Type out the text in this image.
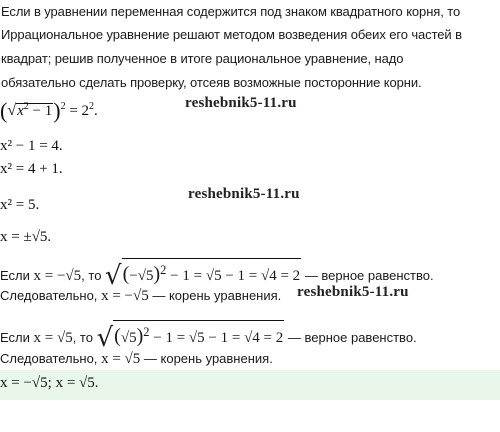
Если в уравнении переменная содержится под знаком квадратного корня, то
Иррациональное уравнение решают методом возведения обеих его частей в
квадрат; решив полученное в итоге рациональное уравнение, надо
обязательно сделать проверку, отсеяв возможные посторонние корни.
reshebnik5-11.ru
reshebnik5-11.ru
reshebnik5-11.ru
$(√x^2 - 1)^2 = 2^2$.
x² − 1 = 4.
x² = 4 + 1.
x² = 5.
x = ±√5.
Если x = −√5, то $√(-√5)^2 - 1 = √5 - 1 = √4 = 2$ — верное равенство.
Следовательно, x = −√5 — корень уравнения.
Если x = √5, то $√(√5)^2 - 1 = √5 - 1 = √4 = 2$ — верное равенство.
Следовательно, x = √5 — корень уравнения.
x = −√5; x = √5.
